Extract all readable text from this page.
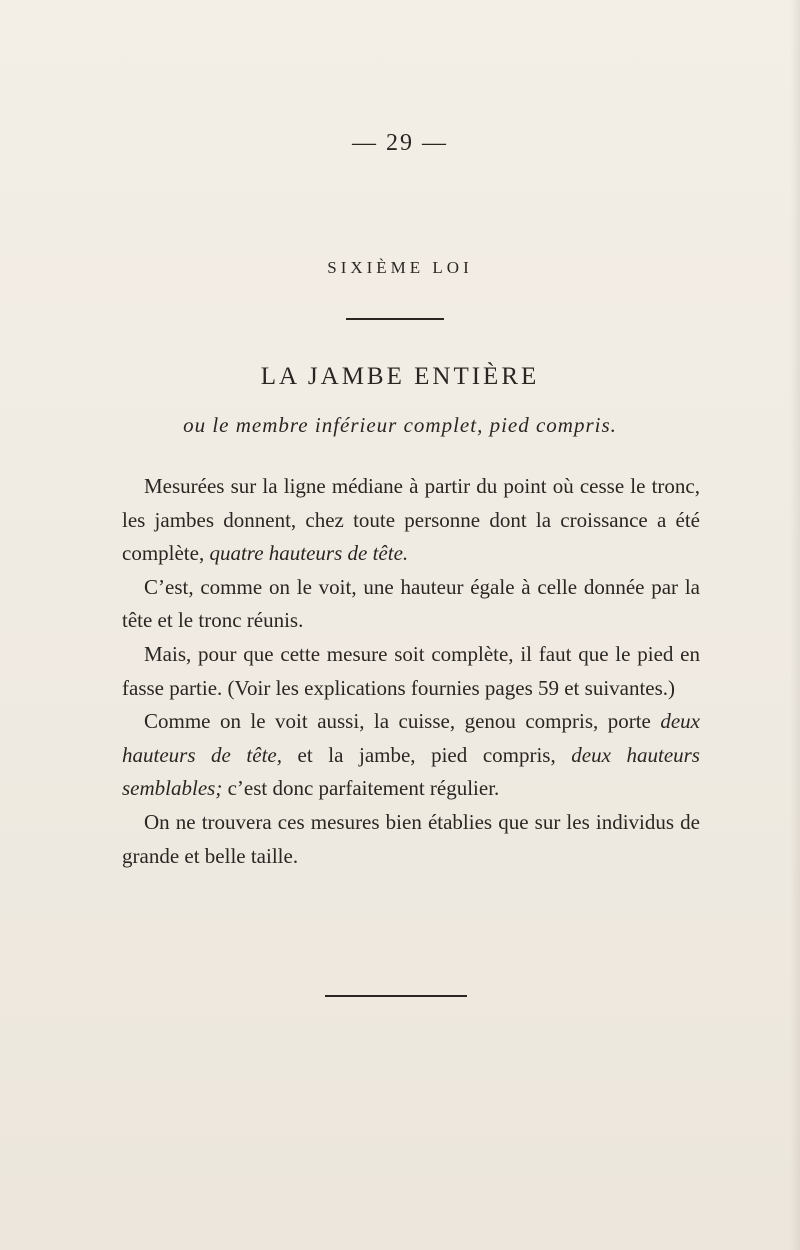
— 29 —
SIXIÈME LOI
LA JAMBE ENTIÈRE
ou le membre inférieur complet, pied compris.

Mesurées sur la ligne médiane à partir du point où cesse le tronc, les jambes donnent, chez toute personne dont la croissance a été complète, quatre hauteurs de tête.

C’est, comme on le voit, une hauteur égale à celle donnée par la tête et le tronc réunis.

Mais, pour que cette mesure soit complète, il faut que le pied en fasse partie. (Voir les explications fournies pages 59 et suivantes.)

Comme on le voit aussi, la cuisse, genou compris, porte deux hauteurs de tête, et la jambe, pied compris, deux hauteurs semblables; c’est donc parfaitement régulier.

On ne trouvera ces mesures bien établies que sur les individus de grande et belle taille.
